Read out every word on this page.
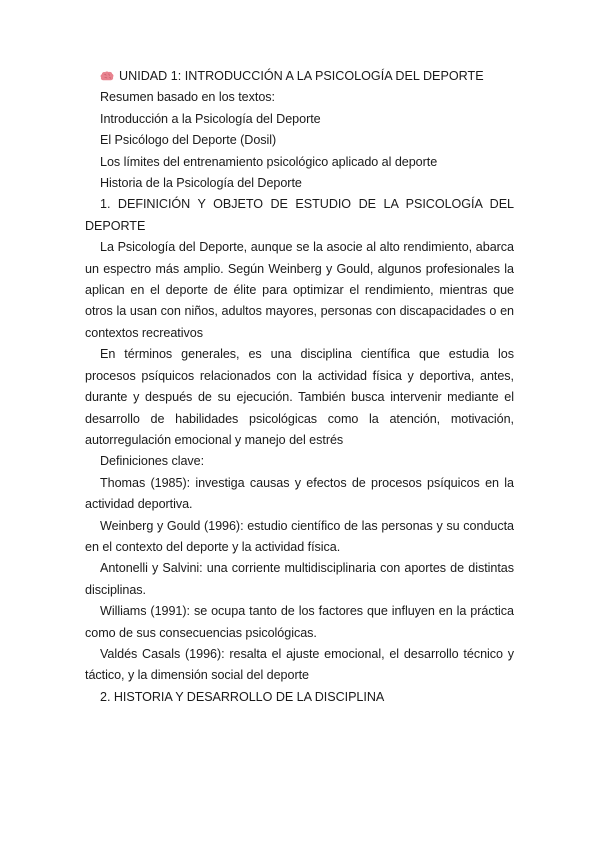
UNIDAD 1: INTRODUCCIÓN A LA PSICOLOGÍA DEL DEPORTE

Resumen basado en los textos:

Introducción a la Psicología del Deporte

El Psicólogo del Deporte (Dosil)

Los límites del entrenamiento psicológico aplicado al deporte

Historia de la Psicología del Deporte

1. DEFINICIÓN Y OBJETO DE ESTUDIO DE LA PSICOLOGÍA DEL DEPORTE

La Psicología del Deporte, aunque se la asocie al alto rendimiento, abarca un espectro más amplio. Según Weinberg y Gould, algunos profesionales la aplican en el deporte de élite para optimizar el rendimiento, mientras que otros la usan con niños, adultos mayores, personas con discapacidades o en contextos recreativos

En términos generales, es una disciplina científica que estudia los procesos psíquicos relacionados con la actividad física y deportiva, antes, durante y después de su ejecución. También busca intervenir mediante el desarrollo de habilidades psicológicas como la atención, motivación, autorregulación emocional y manejo del estrés

Definiciones clave:

Thomas (1985): investiga causas y efectos de procesos psíquicos en la actividad deportiva.

Weinberg y Gould (1996): estudio científico de las personas y su conducta en el contexto del deporte y la actividad física.

Antonelli y Salvini: una corriente multidisciplinaria con aportes de distintas disciplinas.

Williams (1991): se ocupa tanto de los factores que influyen en la práctica como de sus consecuencias psicológicas.

Valdés Casals (1996): resalta el ajuste emocional, el desarrollo técnico y táctico, y la dimensión social del deporte

2. HISTORIA Y DESARROLLO DE LA DISCIPLINA
